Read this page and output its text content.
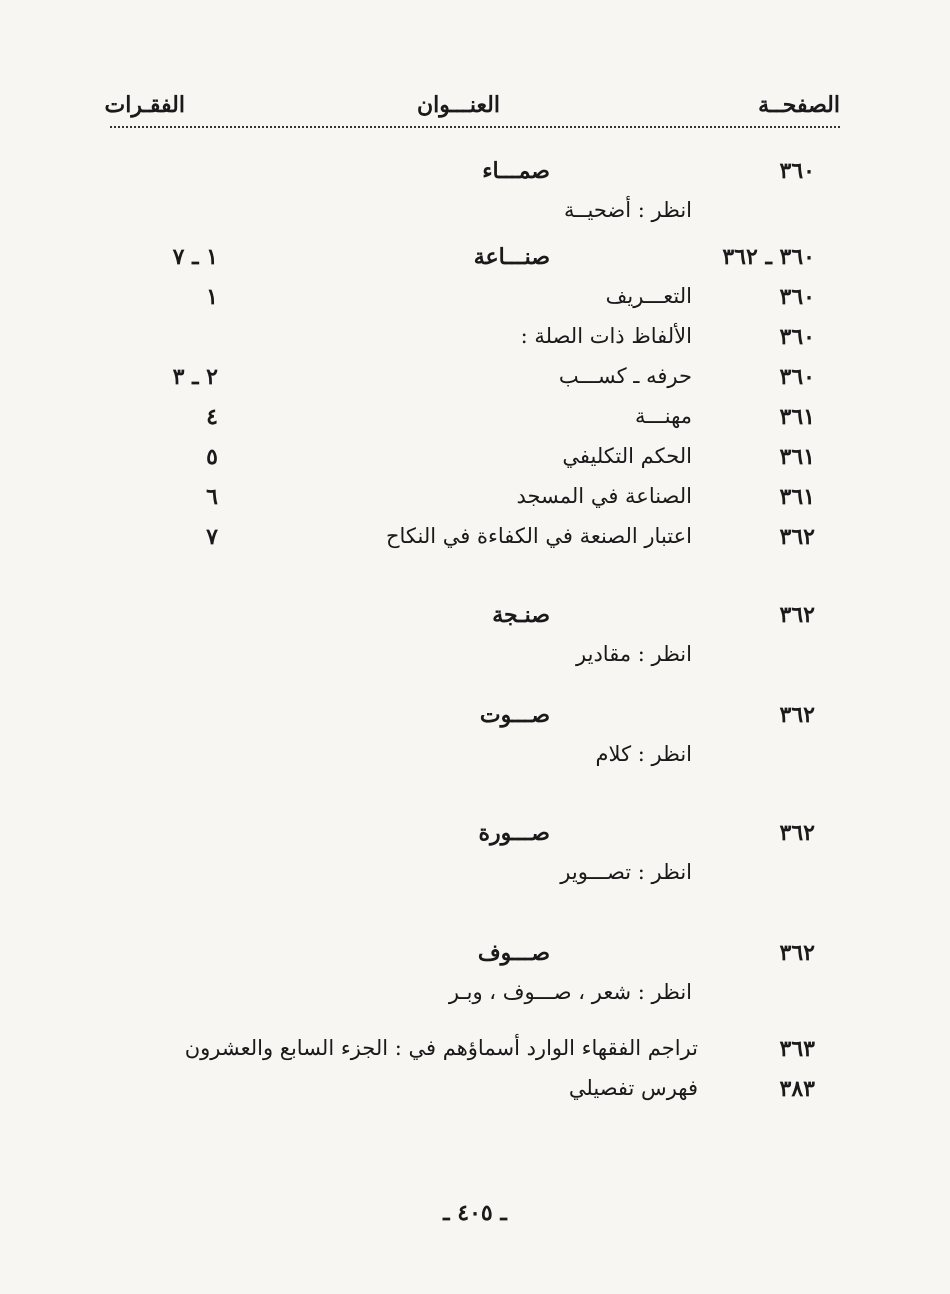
الصفحــة
العنـــوان
الفقـرات
٣٦٠
صمـــاء
انظر : أضحيــة
٣٦٠ ـ ٣٦٢
صنـــاعة
١ ـ ٧
٣٦٠
التعـــريف
١
٣٦٠
الألفاظ ذات الصلة :
٣٦٠
حرفه ـ كســـب
٢ ـ ٣
٣٦١
مهنـــة
٤
٣٦١
الحكم التكليفي
٥
٣٦١
الصناعة في المسجد
٦
٣٦٢
اعتبار الصنعة في الكفاءة في النكاح
٧
٣٦٢
صنـجة
انظر : مقادير
٣٦٢
صـــوت
انظر : كلام
٣٦٢
صـــورة
انظر : تصـــوير
٣٦٢
صـــوف
انظر : شعر ، صـــوف ، وبـر
٣٦٣
تراجم الفقهاء الوارد أسماؤهم في : الجزء السابع والعشرون
٣٨٣
فهرس تفصيلي
ـ ٤٠٥ ـ
